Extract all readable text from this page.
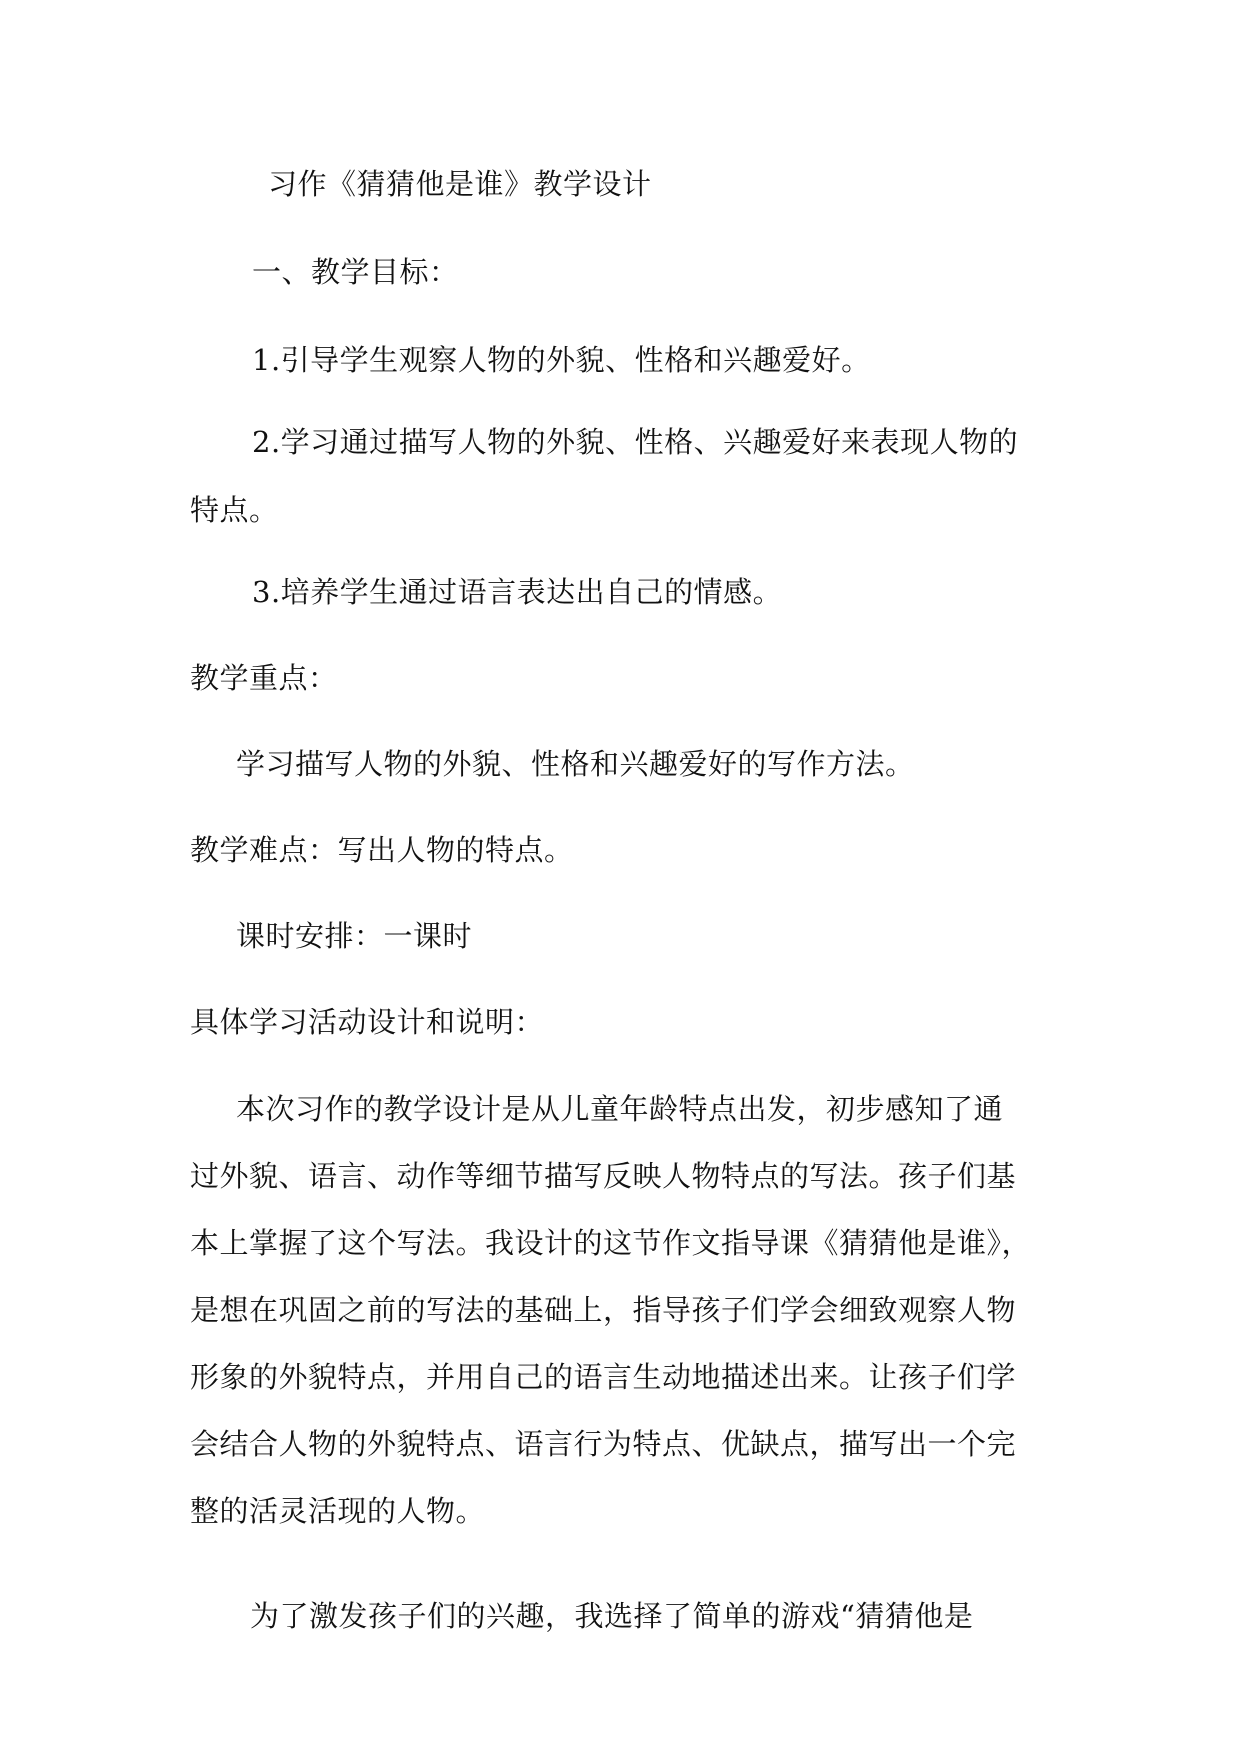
习作《猜猜他是谁》教学设计
一、教学目标：
1.引导学生观察人物的外貌、性格和兴趣爱好。
2.学习通过描写人物的外貌、性格、兴趣爱好来表现人物的
特点。
3.培养学生通过语言表达出自己的情感。
教学重点：
学习描写人物的外貌、性格和兴趣爱好的写作方法。
教学难点：写出人物的特点。
课时安排：一课时
具体学习活动设计和说明：
本次习作的教学设计是从儿童年龄特点出发，初步感知了通
过外貌、语言、动作等细节描写反映人物特点的写法。孩子们基
本上掌握了这个写法。我设计的这节作文指导课《猜猜他是谁》，
是想在巩固之前的写法的基础上，指导孩子们学会细致观察人物
形象的外貌特点，并用自己的语言生动地描述出来。让孩子们学
会结合人物的外貌特点、语言行为特点、优缺点，描写出一个完
整的活灵活现的人物。
为了激发孩子们的兴趣，我选择了简单的游戏“猜猜他是
